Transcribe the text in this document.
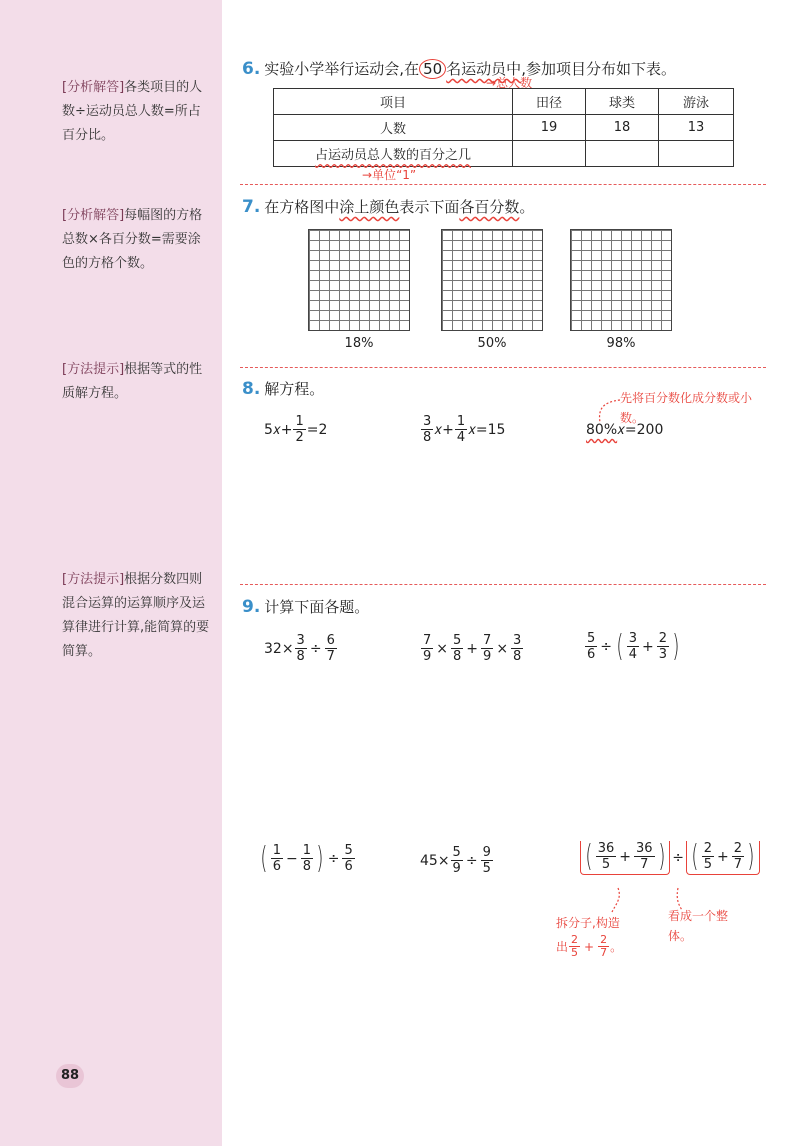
[分析解答]各类项目的人数÷运动员总人数=所占百分比。
[分析解答]每幅图的方格总数×各百分数=需要涂色的方格个数。
[方法提示]根据等式的性质解方程。
[方法提示]根据分数四则混合运算的运算顺序及运算律进行计算,能简算的要简算。
88
6. 实验小学举行运动会,在 50 名运动员中,参加项目分布如下表。
→总人数
项目	田径	球类	游泳
人数	19	18	13
占运动员总人数的百分之几			
→单位“1”
7. 在方格图中涂上颜色表示下面各百分数。
18%	50%	98%
8. 解方程。	先将百分数化成分数或小数。
5𝑥+ $\frac{1}{2} =2$	$\frac{3}{8}$ 𝑥+ $\frac{1}{4}$ 𝑥=15	80% 𝑥=200
9. 计算下面各题。
$32\times \frac{3}{8} \div \frac{6}{7}$	$\frac{7}{9} \times \frac{5}{8} + \frac{7}{9} \times \frac{3}{8}$	$\frac{5}{6}$ ÷ ( $\frac{3}{4} + \frac{2}{3}$ )
( $\frac{1}{6} - \frac{1}{8}$ ) ÷ $\frac{5}{6}$	$45\times \frac{5}{9} \div \frac{9}{5}$	( $\frac{36}{5} + \frac{36}{7}$ ) ÷ ( $\frac{2}{5} + \frac{2}{7}$ )
拆分子,构造
出 $\frac{2}{5} + \frac{2}{7}$ 。
看成一个整体。
